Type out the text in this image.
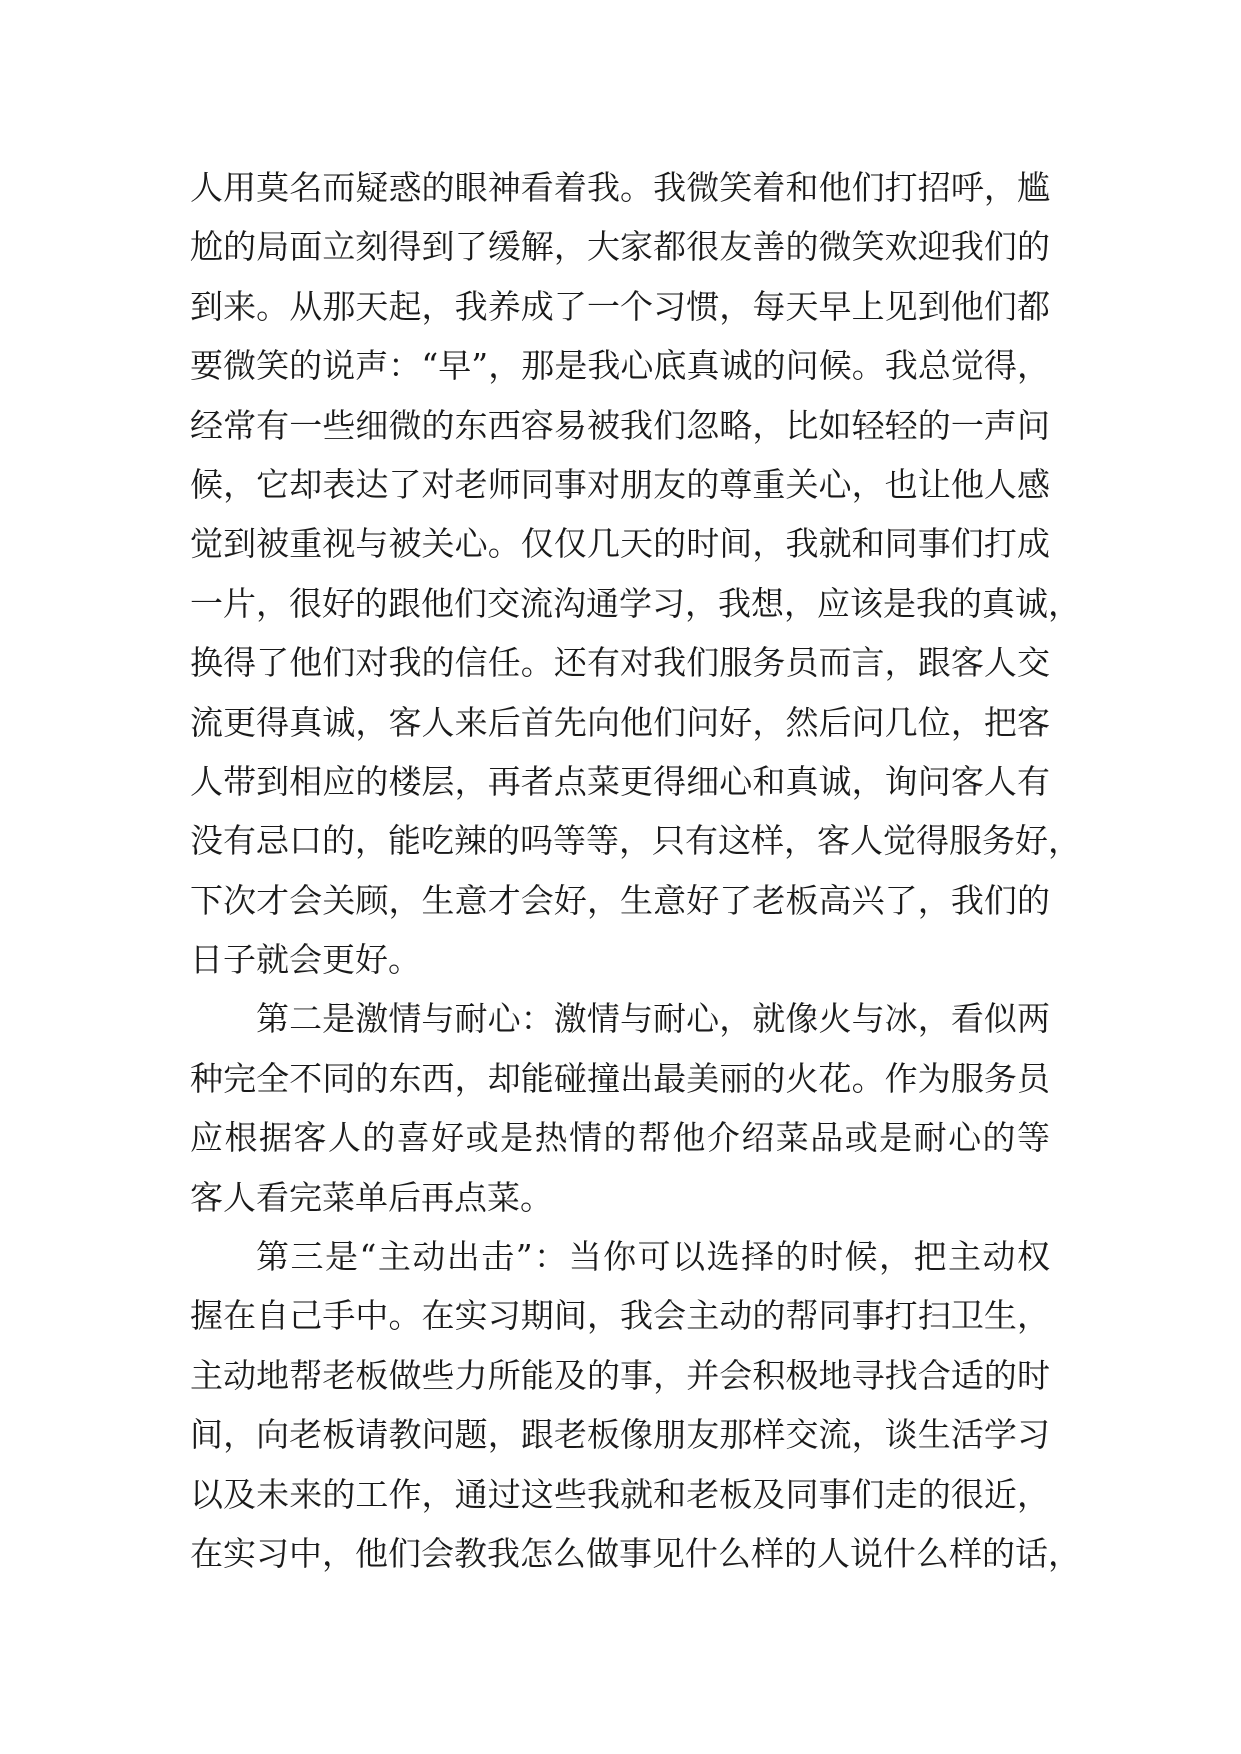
人用莫名而疑惑的眼神看着我。我微笑着和他们打招呼，尴
尬的局面立刻得到了缓解，大家都很友善的微笑欢迎我们的
到来。从那天起，我养成了一个习惯，每天早上见到他们都
要微笑的说声：“早”，那是我心底真诚的问候。我总觉得，
经常有一些细微的东西容易被我们忽略，比如轻轻的一声问
候，它却表达了对老师同事对朋友的尊重关心，也让他人感
觉到被重视与被关心。仅仅几天的时间，我就和同事们打成
一片，很好的跟他们交流沟通学习，我想，应该是我的真诚，
换得了他们对我的信任。还有对我们服务员而言，跟客人交
流更得真诚，客人来后首先向他们问好，然后问几位，把客
人带到相应的楼层，再者点菜更得细心和真诚，询问客人有
没有忌口的，能吃辣的吗等等，只有这样，客人觉得服务好，
下次才会关顾，生意才会好，生意好了老板高兴了，我们的
日子就会更好。
第二是激情与耐心：激情与耐心，就像火与冰，看似两
种完全不同的东西，却能碰撞出最美丽的火花。作为服务员
应根据客人的喜好或是热情的帮他介绍菜品或是耐心的等
客人看完菜单后再点菜。
第三是“主动出击”：当你可以选择的时候，把主动权
握在自己手中。在实习期间，我会主动的帮同事打扫卫生，
主动地帮老板做些力所能及的事，并会积极地寻找合适的时
间，向老板请教问题，跟老板像朋友那样交流，谈生活学习
以及未来的工作，通过这些我就和老板及同事们走的很近，
在实习中，他们会教我怎么做事见什么样的人说什么样的话，
